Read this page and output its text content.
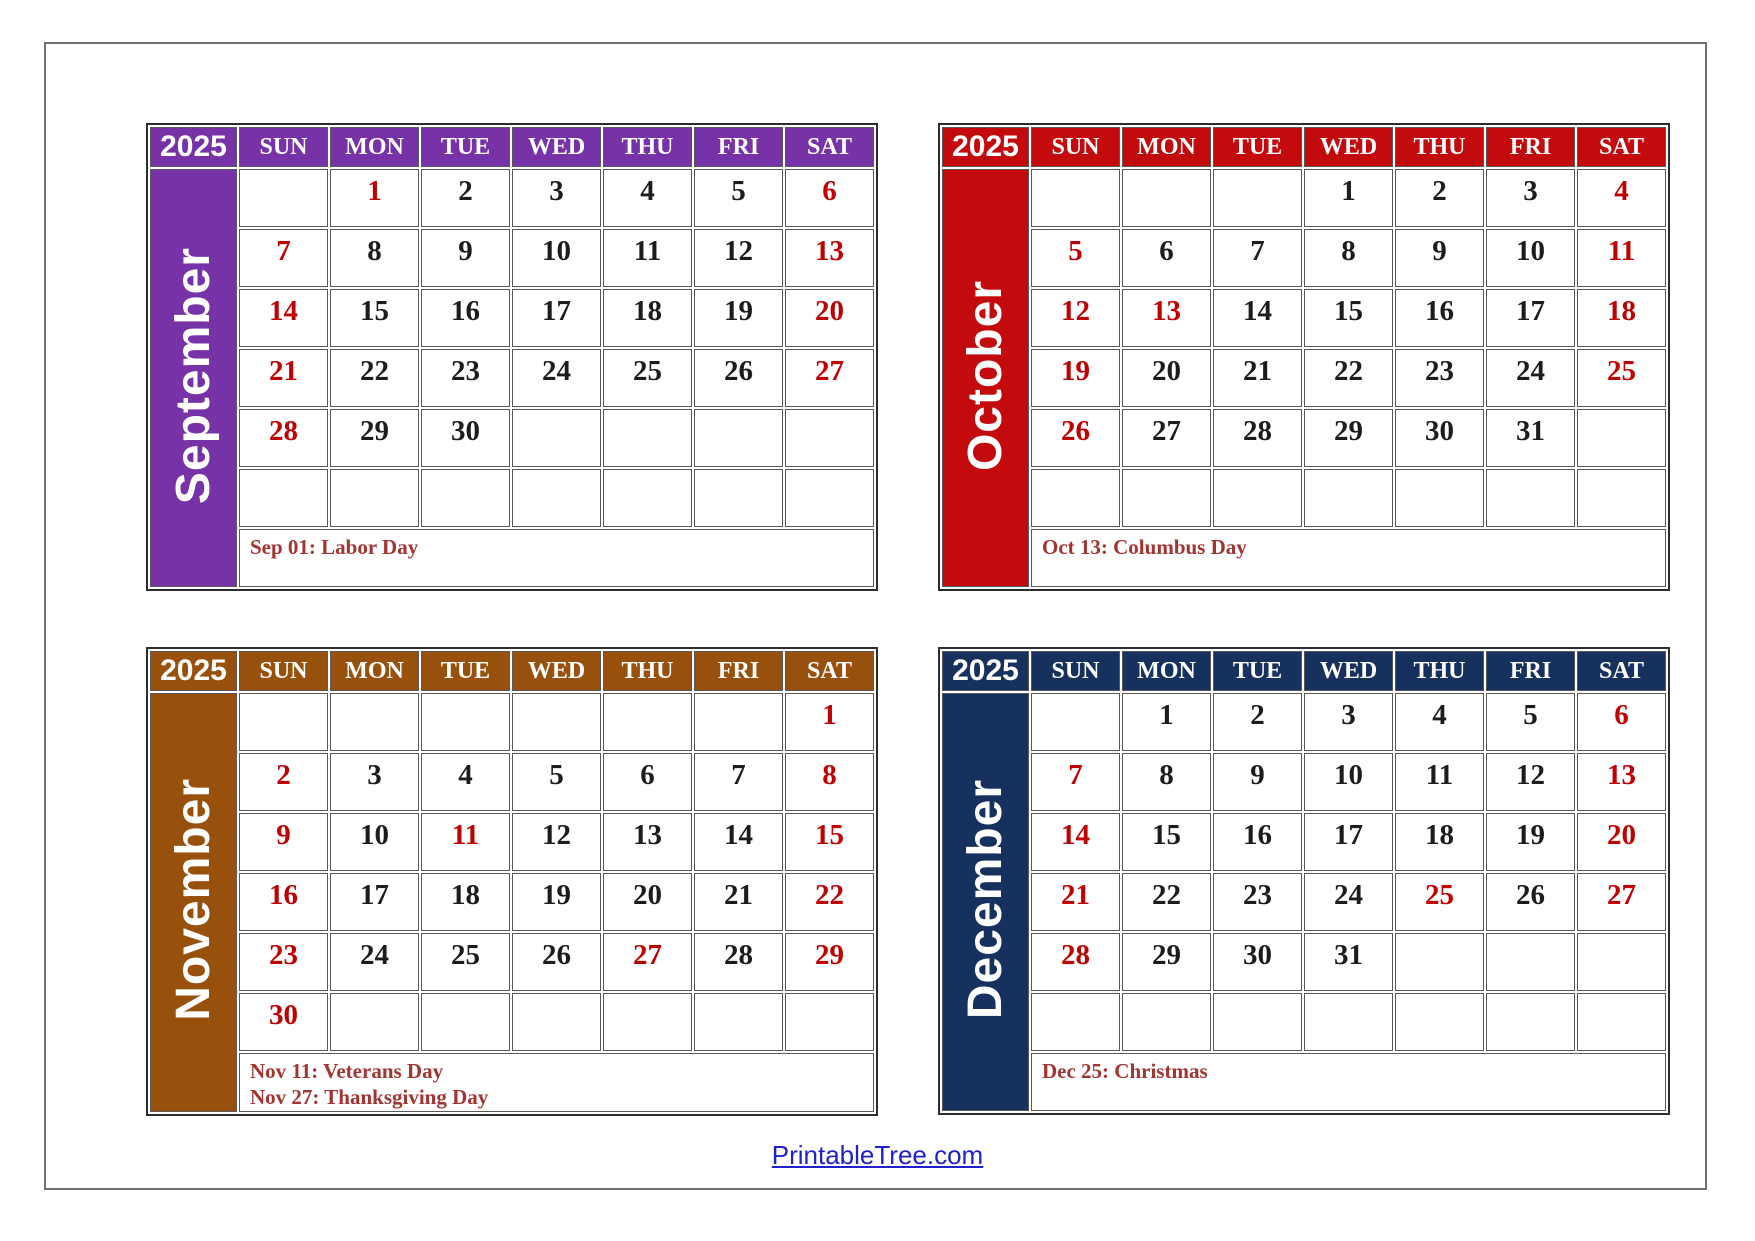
2025	SUN	MON	TUE	WED	THU	FRI	SAT
September		1	2	3	4	5	6
	7	8	9	10	11	12	13
	14	15	16	17	18	19	20
	21	22	23	24	25	26	27
	28	29	30				

	Sep 01: Labor Day						
2025	SUN	MON	TUE	WED	THU	FRI	SAT
October				1	2	3	4
	5	6	7	8	9	10	11
	12	13	14	15	16	17	18
	19	20	21	22	23	24	25
	26	27	28	29	30	31	

	Oct 13: Columbus Day						
2025	SUN	MON	TUE	WED	THU	FRI	SAT
November							1
	2	3	4	5	6	7	8
	9	10	11	12	13	14	15
	16	17	18	19	20	21	22
	23	24	25	26	27	28	29
	30						

	Nov 11: Veterans Day
Nov 27: Thanksgiving Day						
2025	SUN	MON	TUE	WED	THU	FRI	SAT
December		1	2	3	4	5	6
	7	8	9	10	11	12	13
	14	15	16	17	18	19	20
	21	22	23	24	25	26	27
	28	29	30	31			

	Dec 25: Christmas						
PrintableTree.com
